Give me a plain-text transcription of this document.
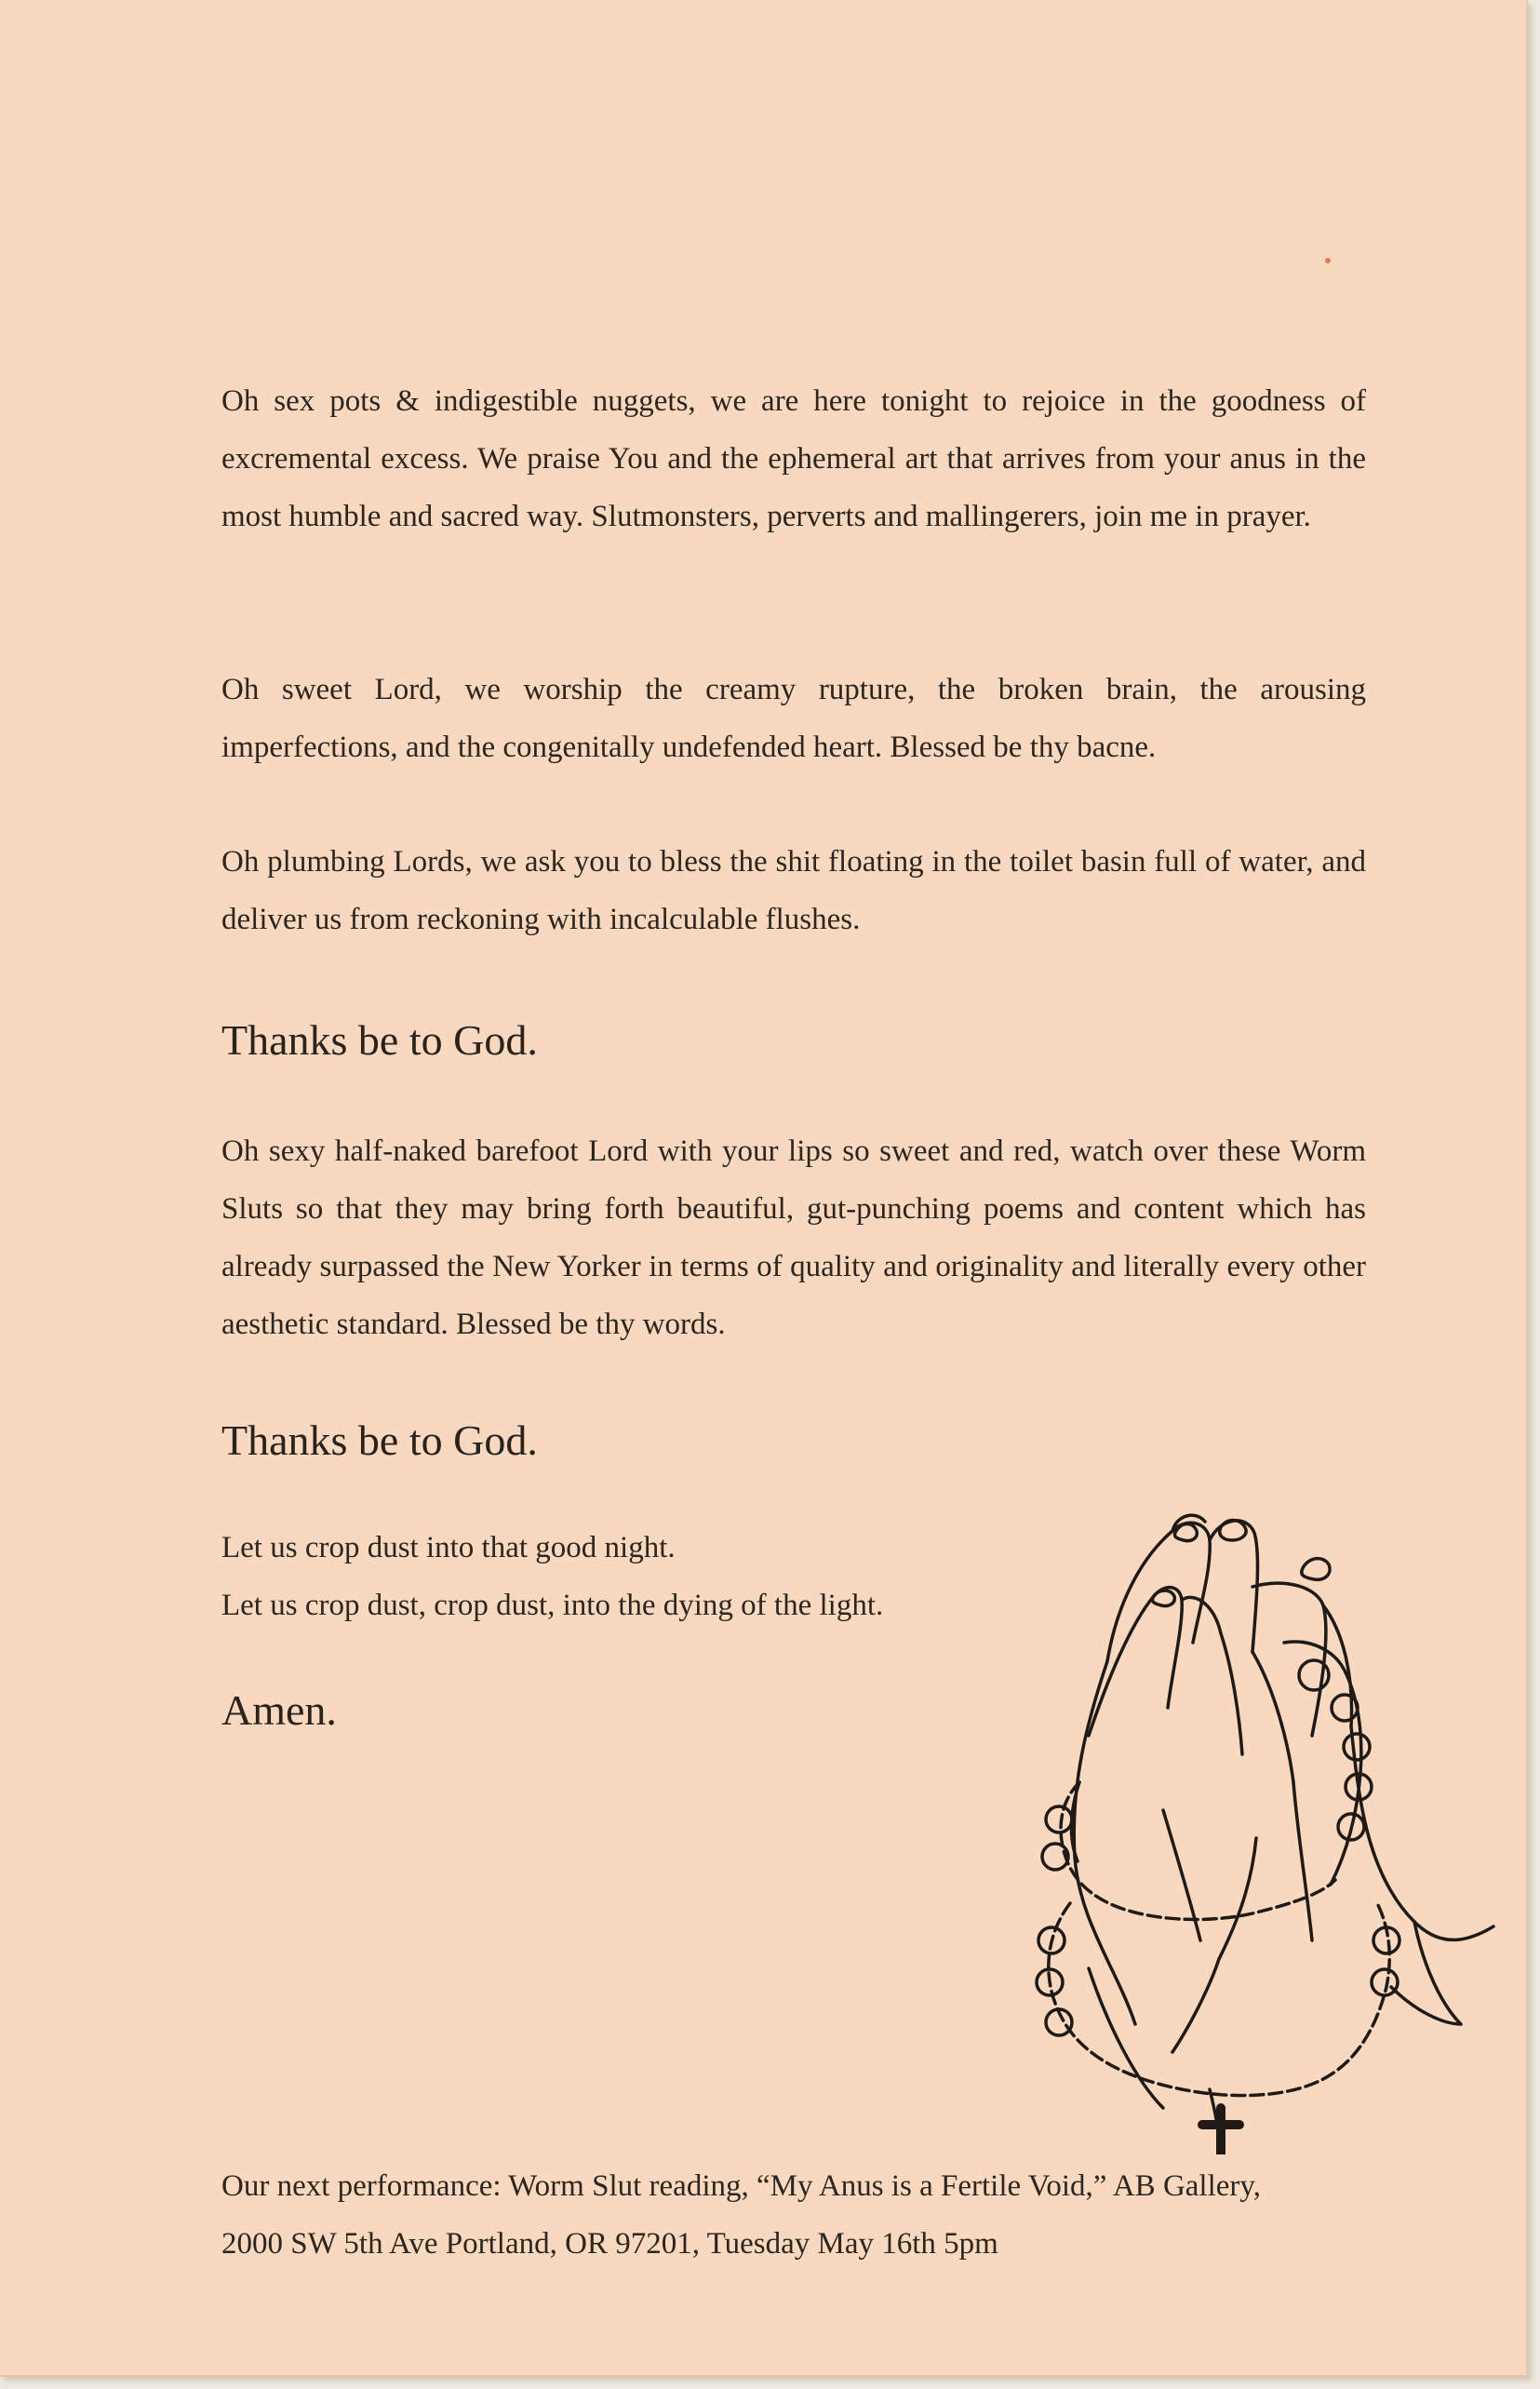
Oh sex pots & indigestible nuggets, we are here tonight to rejoice in the goodness of excremental excess. We praise You and the ephemeral art that arrives from your anus in the most humble and sacred way. Slutmonsters, perverts and mallingerers, join me in prayer.

Oh sweet Lord, we worship the creamy rupture, the broken brain, the arousing imperfections, and the congenitally undefended heart. Blessed be thy bacne.

Oh plumbing Lords, we ask you to bless the shit floating in the toilet basin full of water, and deliver us from reckoning with incalculable flushes.

Thanks be to God.

Oh sexy half-naked barefoot Lord with your lips so sweet and red, watch over these Worm Sluts so that they may bring forth beautiful, gut-punching poems and content which has already surpassed the New Yorker in terms of quality and originality and literally every other aesthetic standard. Blessed be thy words.

Thanks be to God.

Let us crop dust into that good night.

Let us crop dust, crop dust, into the dying of the light.

Amen.
Our next performance: Worm Slut reading, “My Anus is a Fertile Void,” AB Gallery,
2000 SW 5th Ave Portland, OR 97201, Tuesday May 16th 5pm
